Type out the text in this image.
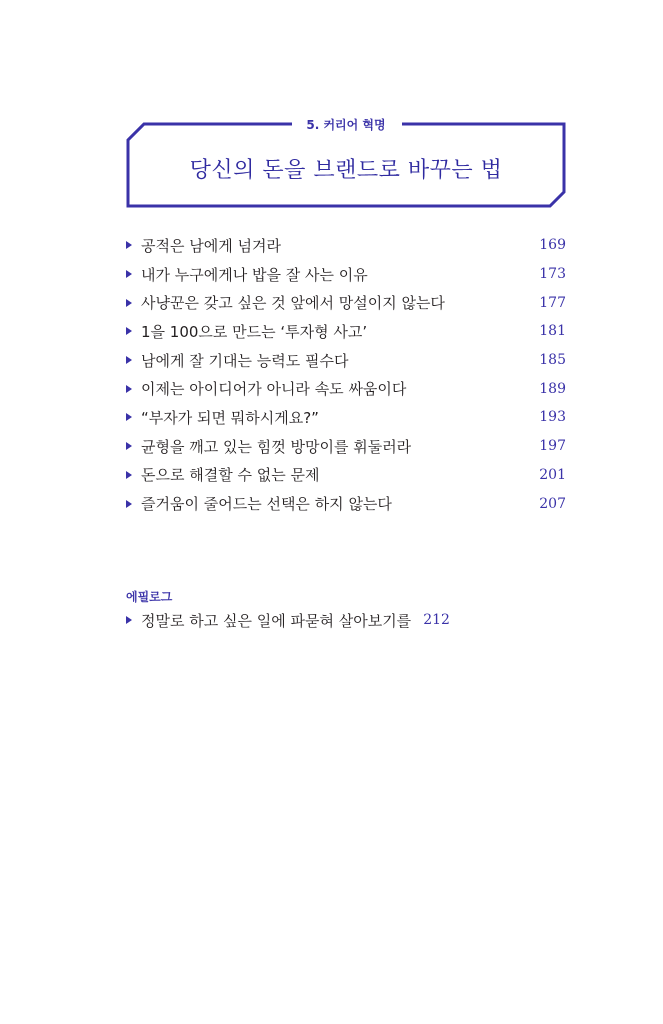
5. 커리어 혁명
당신의 돈을 브랜드로 바꾸는 법
공적은 남에게 넘겨라	169
내가 누구에게나 밥을 잘 사는 이유	173
사냥꾼은 갖고 싶은 것 앞에서 망설이지 않는다	177
1을 100으로 만드는 ‘투자형 사고’	181
남에게 잘 기대는 능력도 필수다	185
이제는 아이디어가 아니라 속도 싸움이다	189
“부자가 되면 뭐하시게요?”	193
균형을 깨고 있는 힘껏 방망이를 휘둘러라	197
돈으로 해결할 수 없는 문제	201
즐거움이 줄어드는 선택은 하지 않는다	207
에필로그
정말로 하고 싶은 일에 파묻혀 살아보기를 212
